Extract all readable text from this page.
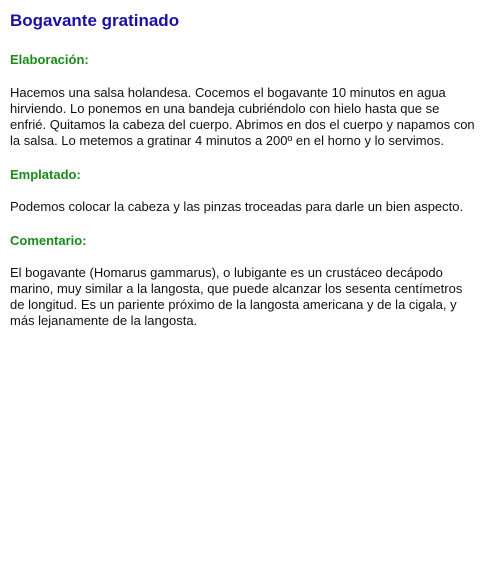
Bogavante gratinado
Elaboración:

Hacemos una salsa holandesa. Cocemos el bogavante 10 minutos en agua hirviendo. Lo ponemos en una bandeja cubriéndolo con hielo hasta que se enfrié. Quitamos la cabeza del cuerpo. Abrimos en dos el cuerpo y napamos con la salsa. Lo metemos a gratinar 4 minutos a 200º en el horno y lo servimos.

Emplatado:

Podemos colocar la cabeza y las pinzas troceadas para darle un bien aspecto.

Comentario:

El bogavante (Homarus gammarus), o lubigante es un crustáceo decápodo marino, muy similar a la langosta, que puede alcanzar los sesenta centímetros de longitud. Es un pariente próximo de la langosta americana y de la cigala, y más lejanamente de la langosta.
